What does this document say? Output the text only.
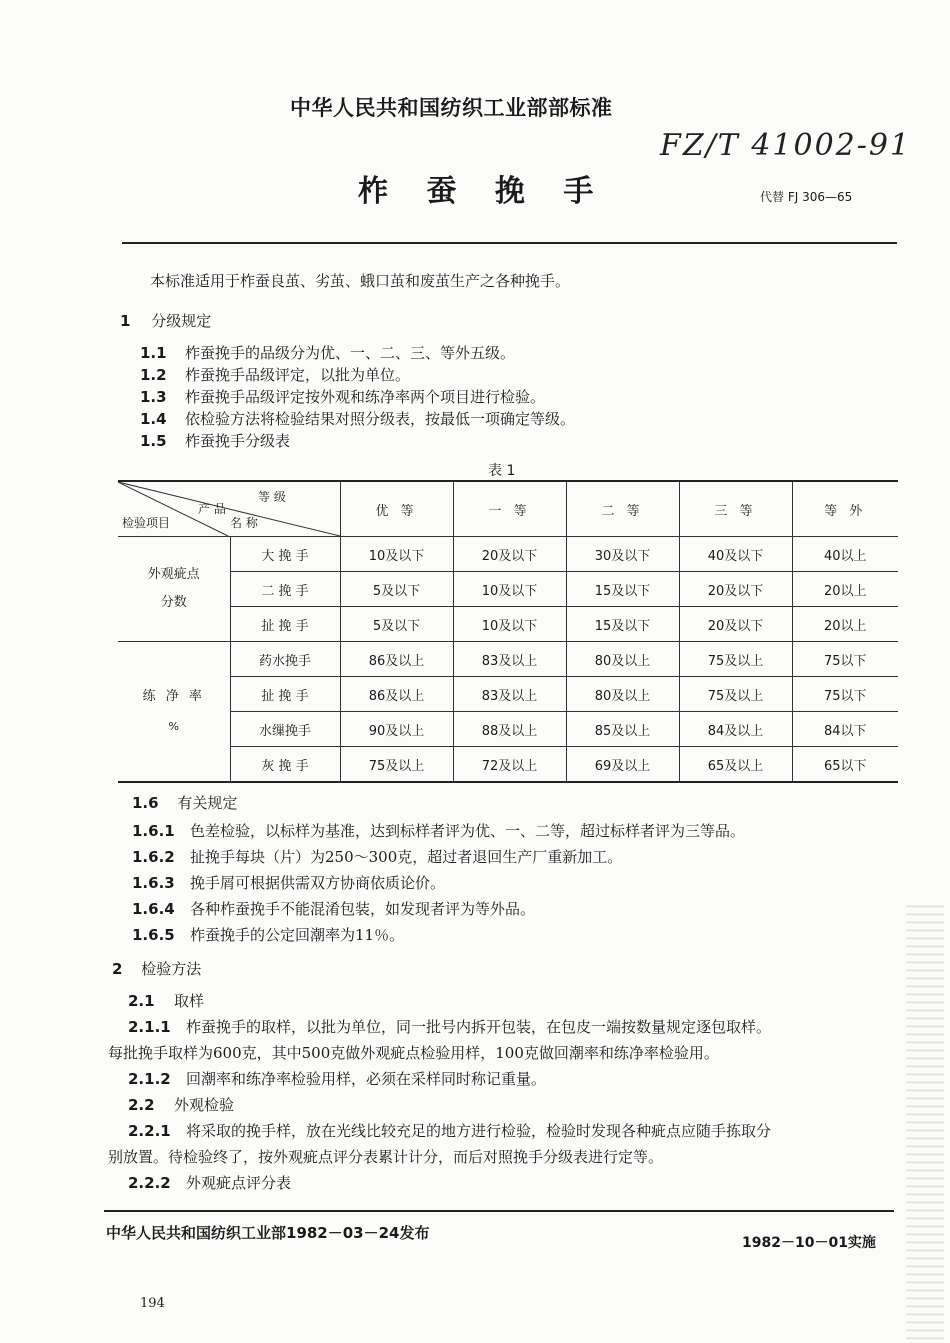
中华人民共和国纺织工业部部标准
FZ/T 41002-91
柞 蚕 挽 手	代替 FJ 306—65
本标准适用于柞蚕良茧、劣茧、蛾口茧和废茧生产之各种挽手。
1 分级规定
1.1 柞蚕挽手的品级分为优、一、二、三、等外五级。
1.2 柞蚕挽手品级评定，以批为单位。
1.3 柞蚕挽手品级评定按外观和练净率两个项目进行检验。
1.4 依检验方法将检验结果对照分级表，按最低一项确定等级。
1.5 柞蚕挽手分级表
表 1
等 级
产 品
名 称
检验项目		优 等	一 等	二 等	三 等	等 外

外观疵点
分数	大 挽 手	10及以下	20及以下	30及以下	40及以下	40以上
	二 挽 手	5及以下	10及以下	15及以下	20及以下	20以上
	扯 挽 手	5及以下	10及以下	15及以下	20及以下	20以上

练 净 率
%	药水挽手	86及以上	83及以上	80及以上	75及以上	75以下
	扯 挽 手	86及以上	83及以上	80及以上	75及以上	75以下
	水缫挽手	90及以上	88及以上	85及以上	84及以上	84以下
	灰 挽 手	75及以上	72及以上	69及以上	65及以上	65以下
1.6 有关规定
1.6.1 色差检验，以标样为基准，达到标样者评为优、一、二等，超过标样者评为三等品。
1.6.2 扯挽手每块（片）为250～300克，超过者退回生产厂重新加工。
1.6.3 挽手屑可根据供需双方协商依质论价。
1.6.4 各种柞蚕挽手不能混淆包装，如发现者评为等外品。
1.6.5 柞蚕挽手的公定回潮率为11％。
2 检验方法
2.1 取样
2.1.1 柞蚕挽手的取样，以批为单位，同一批号内拆开包装，在包皮一端按数量规定逐包取样。
每批挽手取样为600克，其中500克做外观疵点检验用样，100克做回潮率和练净率检验用。
2.1.2 回潮率和练净率检验用样，必须在采样同时称记重量。
2.2 外观检验
2.2.1 将采取的挽手样，放在光线比较充足的地方进行检验，检验时发现各种疵点应随手拣取分
别放置。待检验终了，按外观疵点评分表累计计分，而后对照挽手分级表进行定等。
2.2.2 外观疵点评分表
中华人民共和国纺织工业部1982－03－24发布
1982－10－01实施
194
